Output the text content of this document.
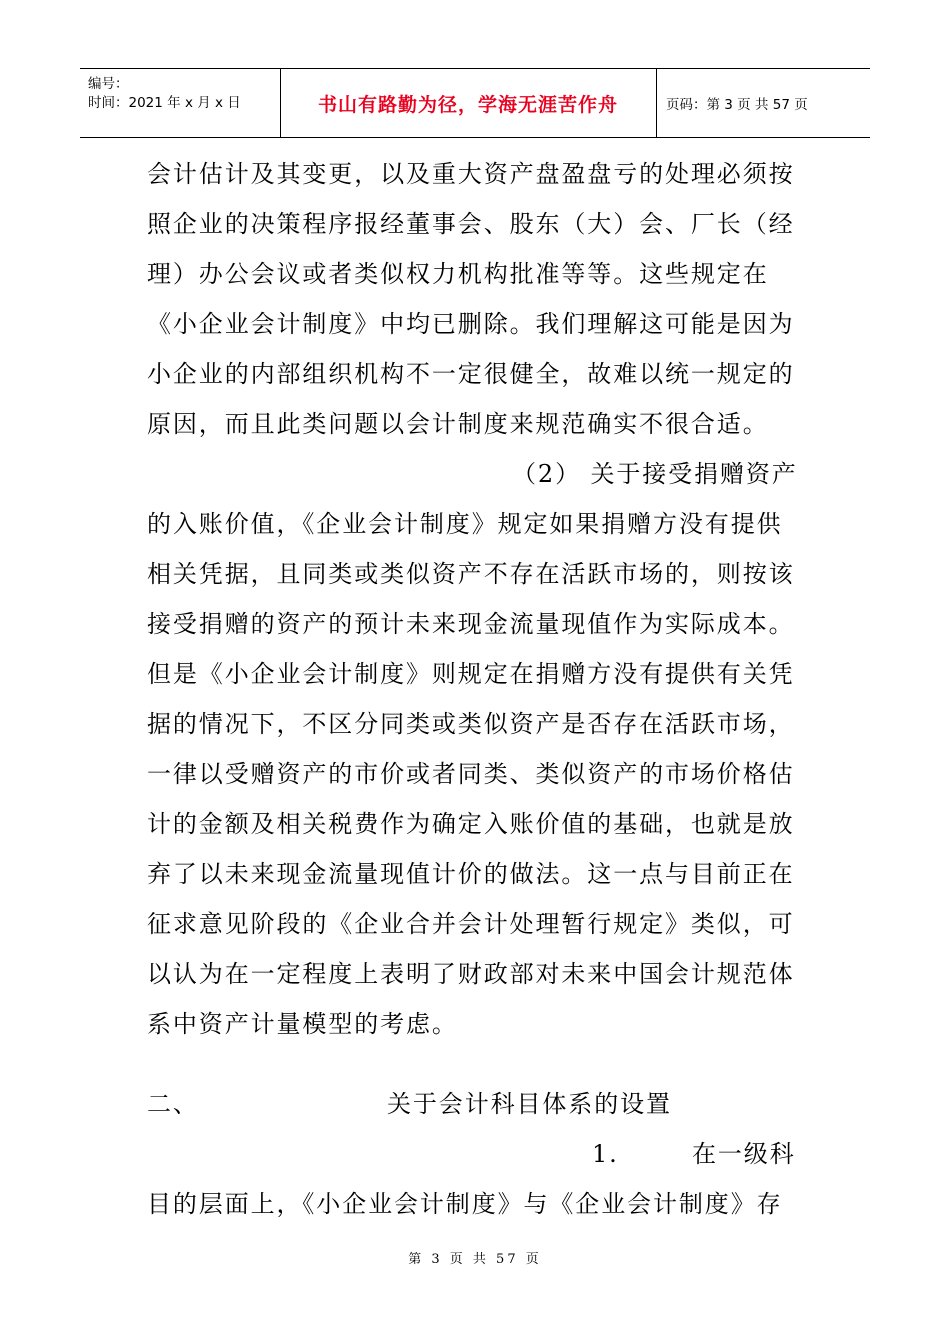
编号：
时间：2021 年 x 月 x 日	书山有路勤为径，学海无涯苦作舟	页码：第 3 页 共 57 页
会计估计及其变更，以及重大资产盘盈盘亏的处理必须按
照企业的决策程序报经董事会、股东（大）会、厂长（经
理）办公会议或者类似权力机构批准等等。这些规定在
《小企业会计制度》中均已删除。我们理解这可能是因为
小企业的内部组织机构不一定很健全，故难以统一规定的
原因，而且此类问题以会计制度来规范确实不很合适。
（2） 关于接受捐赠资产
的入账价值，《企业会计制度》规定如果捐赠方没有提供
相关凭据，且同类或类似资产不存在活跃市场的，则按该
接受捐赠的资产的预计未来现金流量现值作为实际成本。
但是《小企业会计制度》则规定在捐赠方没有提供有关凭
据的情况下，不区分同类或类似资产是否存在活跃市场，
一律以受赠资产的市价或者同类、类似资产的市场价格估
计的金额及相关税费作为确定入账价值的基础，也就是放
弃了以未来现金流量现值计价的做法。这一点与目前正在
征求意见阶段的《企业合并会计处理暂行规定》类似，可
以认为在一定程度上表明了财政部对未来中国会计规范体
系中资产计量模型的考虑。
二、	关于会计科目体系的设置
1.	在一级科
目的层面上，《小企业会计制度》与《企业会计制度》存
第 3 页 共 57 页
